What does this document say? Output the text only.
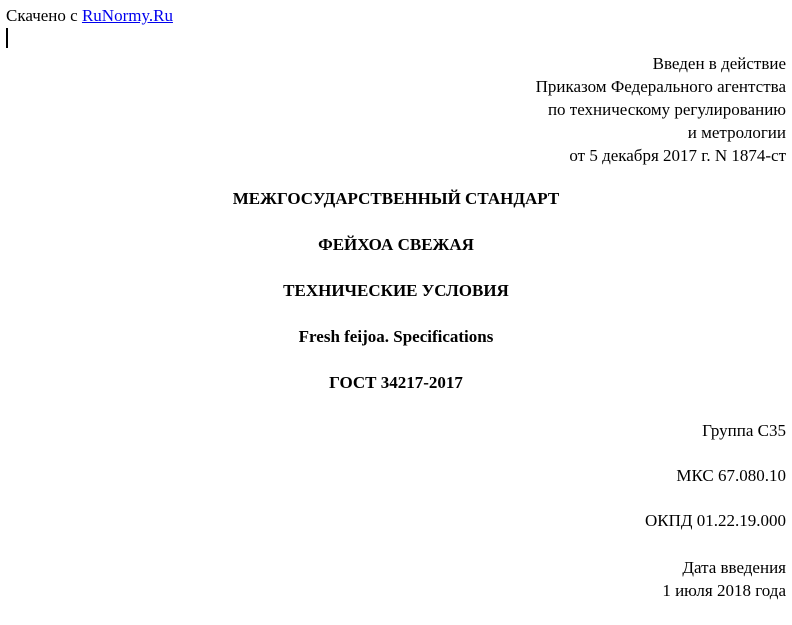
Скачено с RuNormy.Ru
Введен в действие
Приказом Федерального агентства
по техническому регулированию
и метрологии
от 5 декабря 2017 г. N 1874-ст
МЕЖГОСУДАРСТВЕННЫЙ СТАНДАРТ
ФЕЙХОА СВЕЖАЯ
ТЕХНИЧЕСКИЕ УСЛОВИЯ
Fresh feijoa. Specifications
ГОСТ 34217-2017
Группа С35
МКС 67.080.10
ОКПД 01.22.19.000
Дата введения
1 июля 2018 года
